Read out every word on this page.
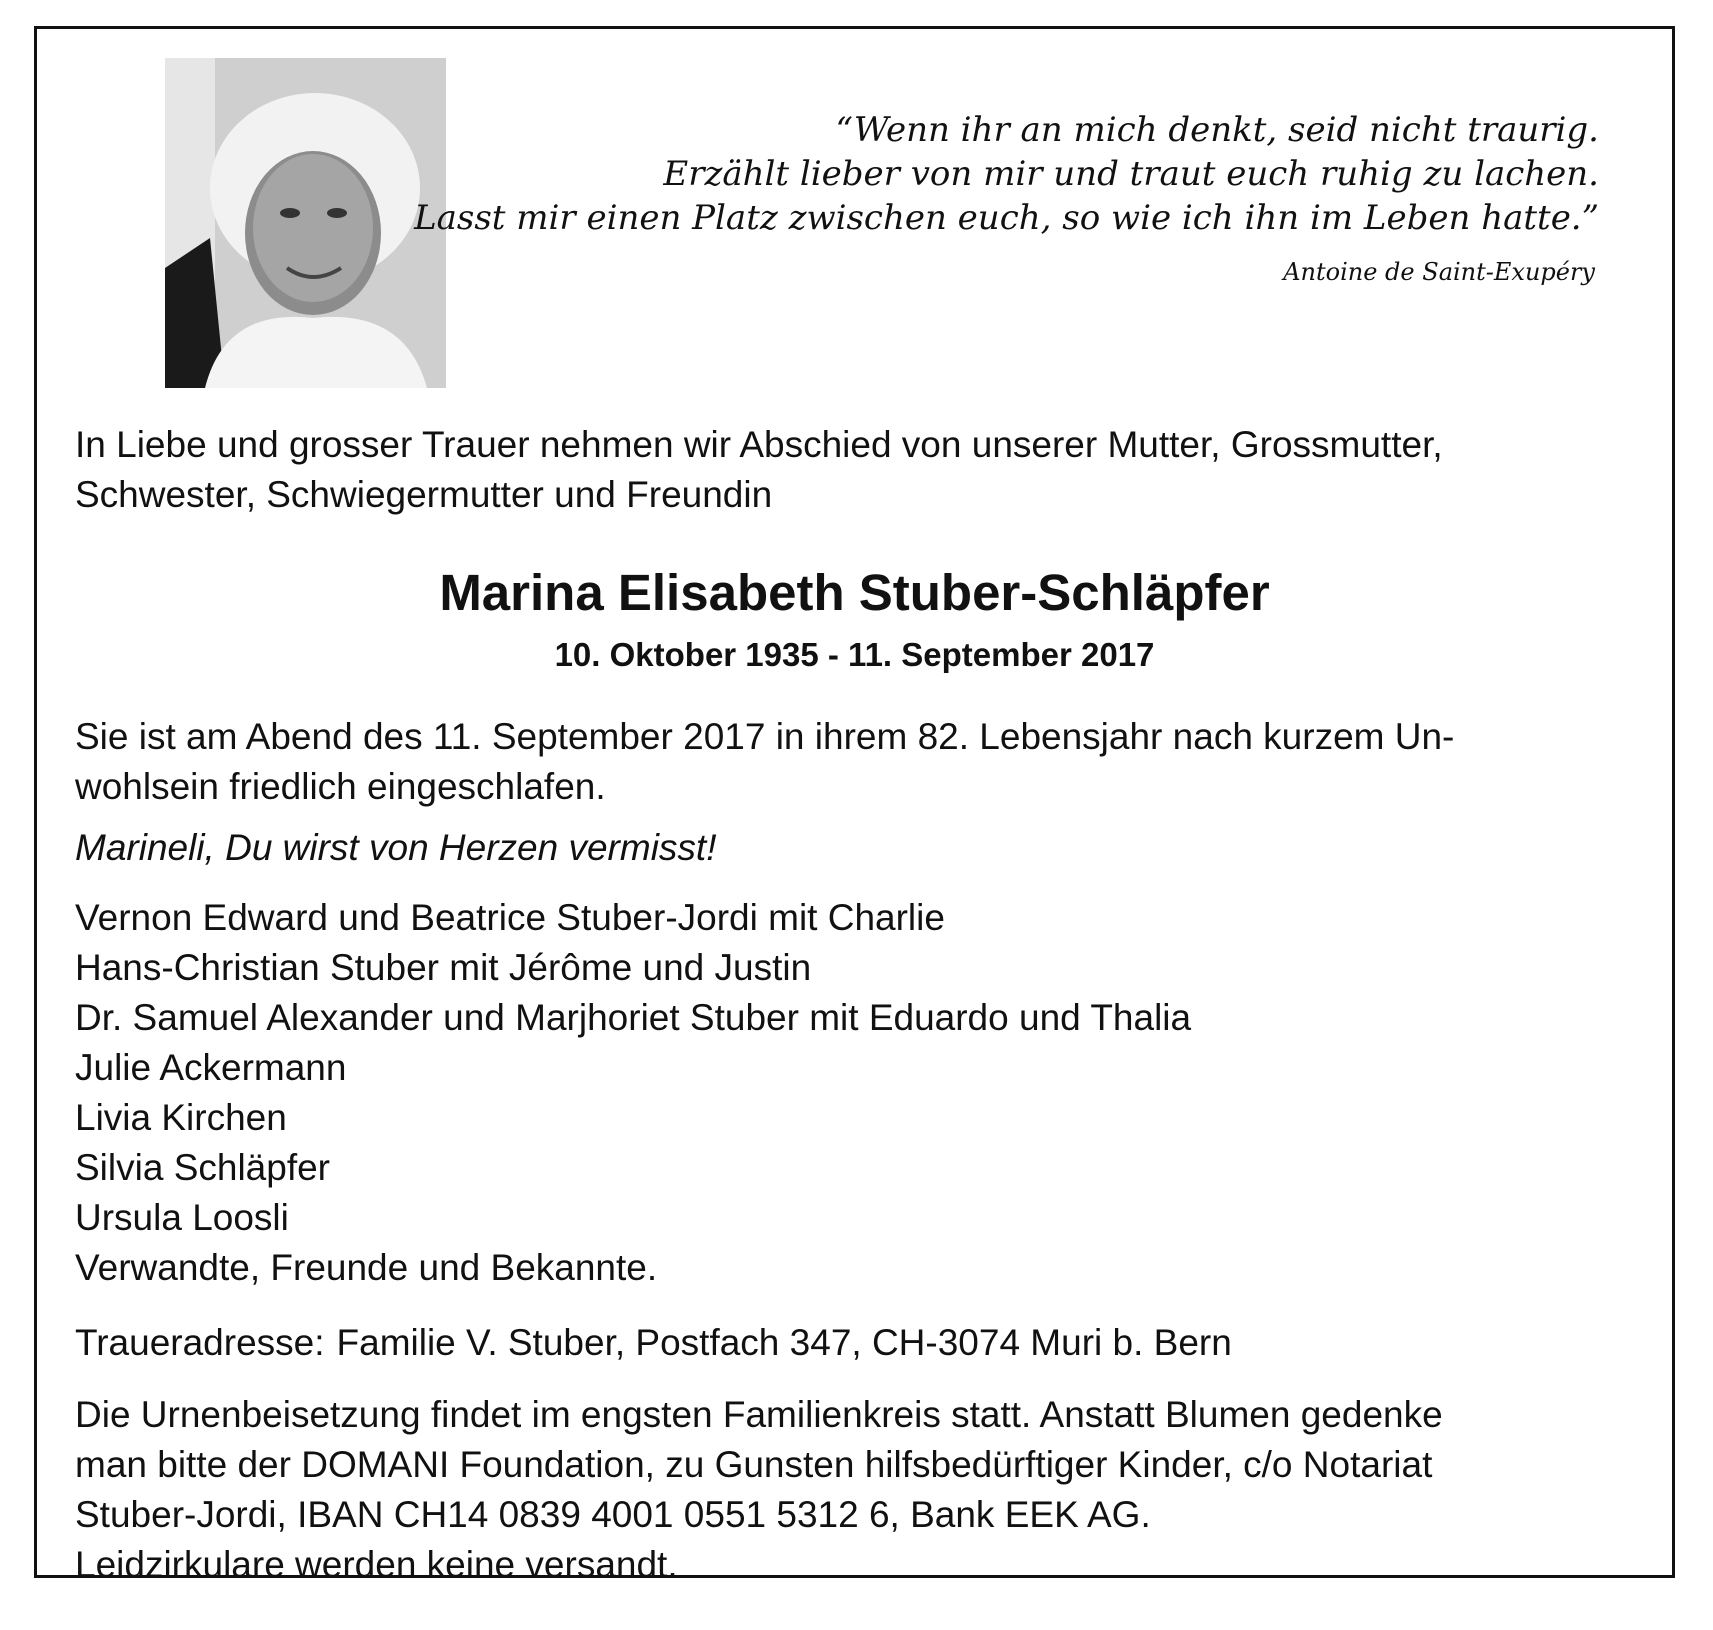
“Wenn ihr an mich denkt, seid nicht traurig.
Erzählt lieber von mir und traut euch ruhig zu lachen.
Lasst mir einen Platz zwischen euch, so wie ich ihn im Leben hatte.”
Antoine de Saint-Exupéry
In Liebe und grosser Trauer nehmen wir Abschied von unserer Mutter, Grossmutter,
Schwester, Schwiegermutter und Freundin
Marina Elisabeth Stuber-Schläpfer
10. Oktober 1935 - 11. September 2017
Sie ist am Abend des 11. September 2017 in ihrem 82. Lebensjahr nach kurzem Un-
wohlsein friedlich eingeschlafen.
Marineli, Du wirst von Herzen vermisst!
Vernon Edward und Beatrice Stuber-Jordi mit Charlie
Hans-Christian Stuber mit Jérôme und Justin
Dr. Samuel Alexander und Marjhoriet Stuber mit Eduardo und Thalia
Julie Ackermann
Livia Kirchen
Silvia Schläpfer
Ursula Loosli
Verwandte, Freunde und Bekannte.
Traueradresse: Familie V. Stuber, Postfach 347, CH-3074 Muri b. Bern
Die Urnenbeisetzung findet im engsten Familienkreis statt. Anstatt Blumen gedenke
man bitte der DOMANI Foundation, zu Gunsten hilfsbedürftiger Kinder, c/o Notariat
Stuber-Jordi, IBAN CH14 0839 4001 0551 5312 6, Bank EEK AG.
Leidzirkulare werden keine versandt.
